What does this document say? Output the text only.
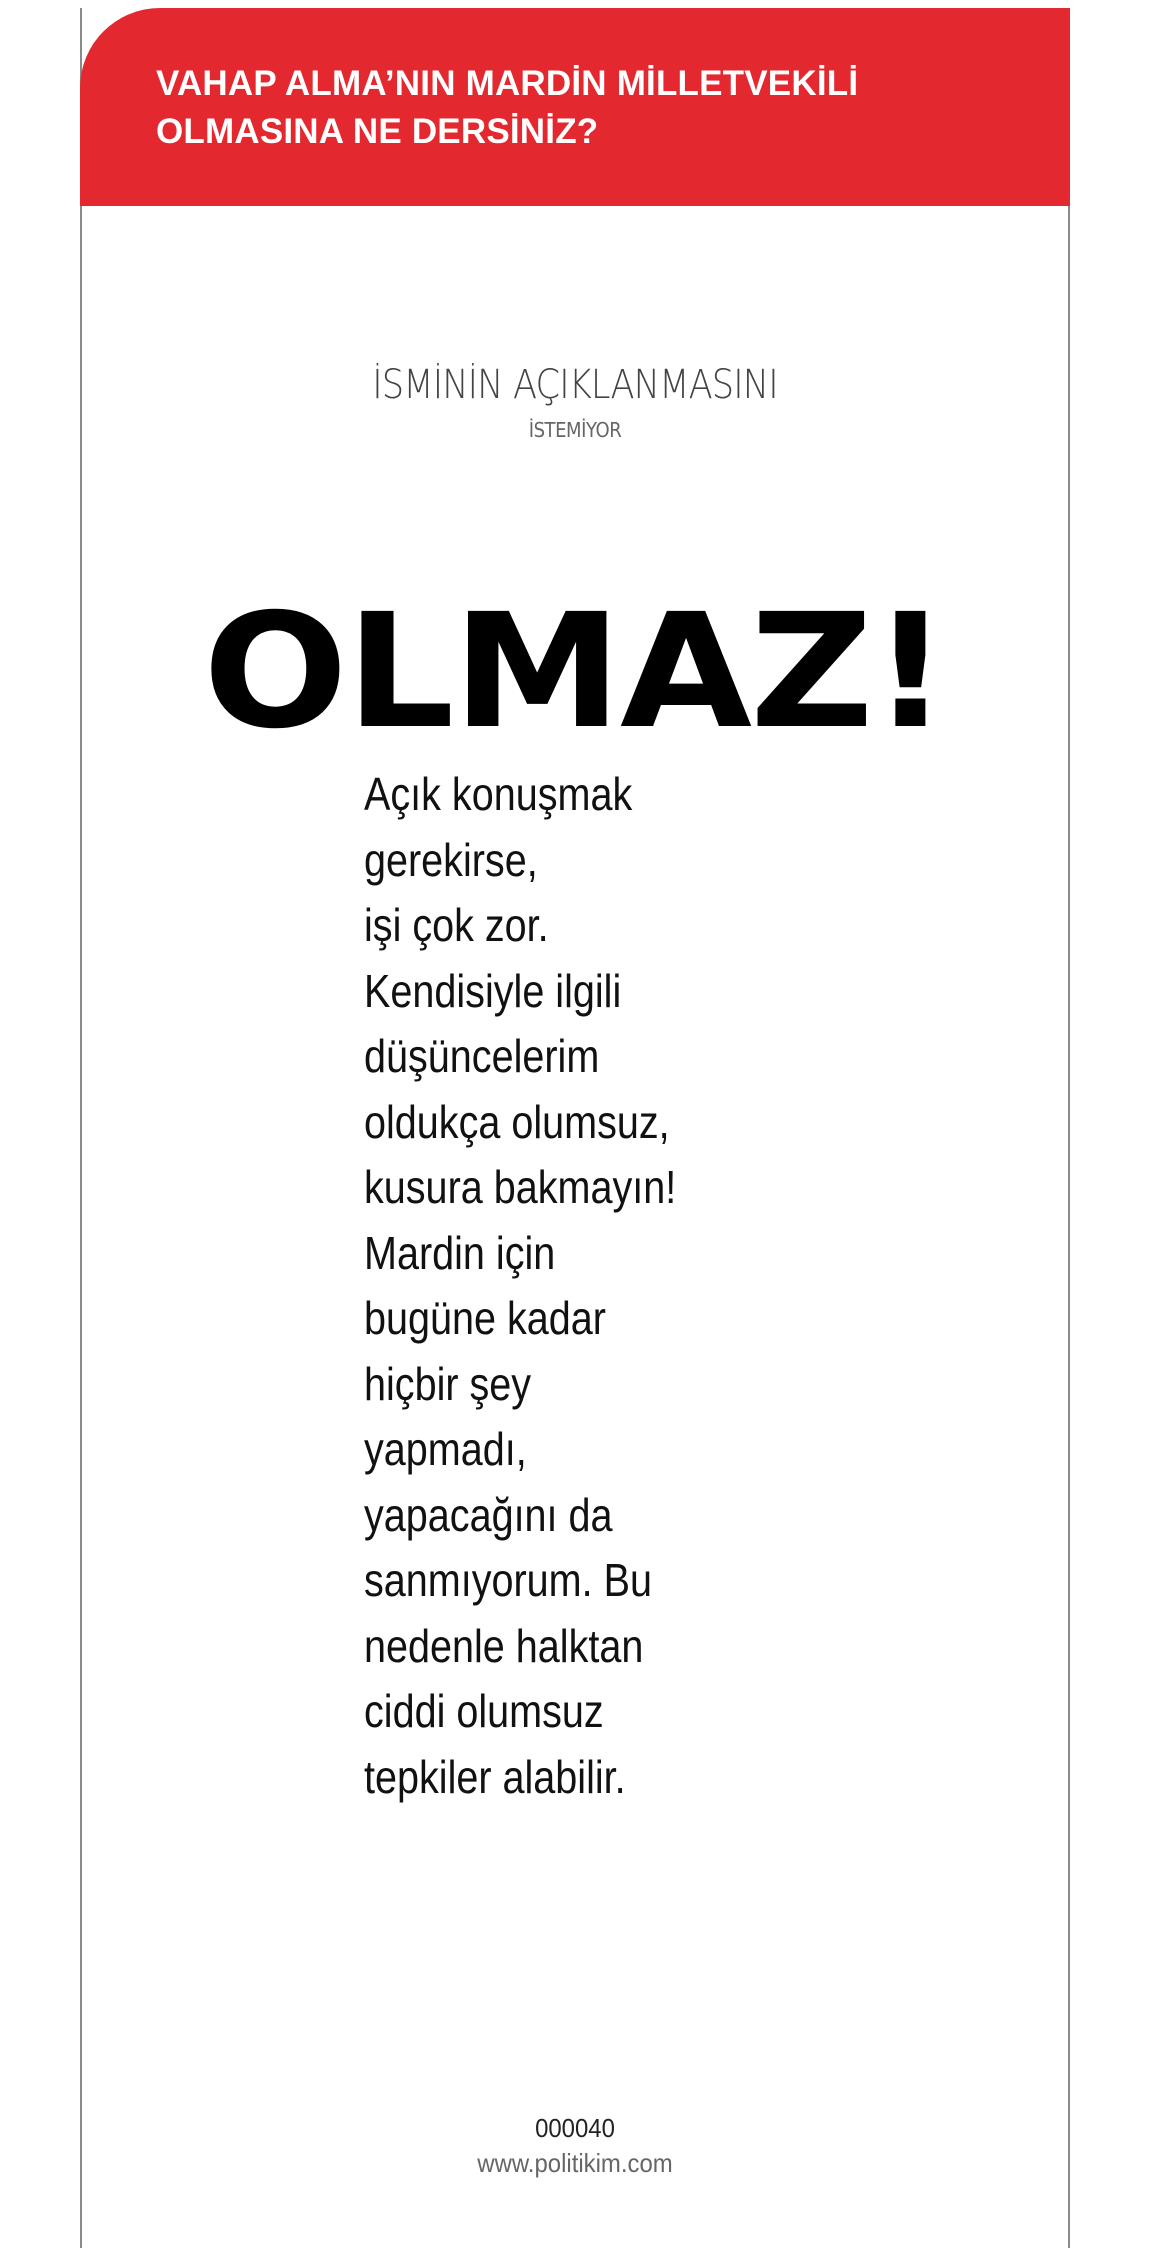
VAHAP ALMA’NIN MARDİN MİLLETVEKİLİ
OLMASINA NE DERSİNİZ?
İSMİNİN AÇIKLANMASINI
İSTEMİYOR
OLMAZ!

Açık konuşmak
gerekirse,
işi çok zor.
Kendisiyle ilgili
düşüncelerim
oldukça olumsuz,
kusura bakmayın!
Mardin için
bugüne kadar
hiçbir şey
yapmadı,
yapacağını da
sanmıyorum. Bu
nedenle halktan
ciddi olumsuz
tepkiler alabilir.

000040
www.politikim.com
